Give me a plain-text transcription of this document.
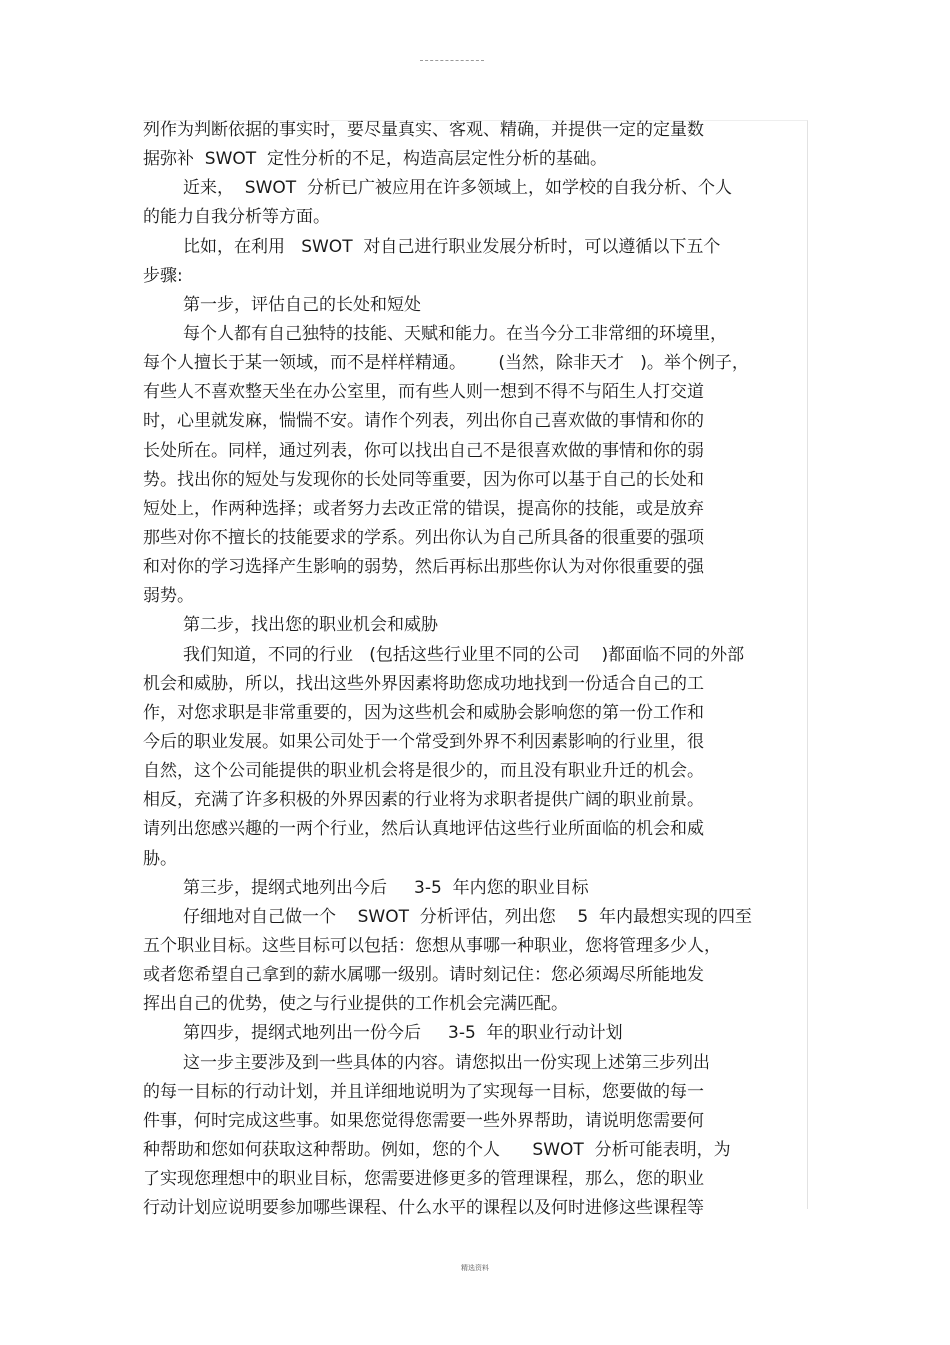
列作为判断依据的事实时，要尽量真实、客观、精确，并提供一定的定量数
据弥补  SWOT  定性分析的不足，构造高层定性分析的基础。
近来，  SWOT  分析已广被应用在许多领域上，如学校的自我分析、个人
的能力自我分析等方面。
比如，在利用   SWOT  对自己进行职业发展分析时，可以遵循以下五个
步骤:
第一步，评估自己的长处和短处
每个人都有自己独特的技能、天赋和能力。在当今分工非常细的环境里，
每个人擅长于某一领域，而不是样样精通。      (当然，除非天才   )。举个例子，
有些人不喜欢整天坐在办公室里，而有些人则一想到不得不与陌生人打交道
时，心里就发麻，惴惴不安。请作个列表，列出你自己喜欢做的事情和你的
长处所在。同样，通过列表，你可以找出自己不是很喜欢做的事情和你的弱
势。找出你的短处与发现你的长处同等重要，因为你可以基于自己的长处和
短处上，作两种选择；或者努力去改正常的错误，提高你的技能，或是放弃
那些对你不擅长的技能要求的学系。列出你认为自己所具备的很重要的强项
和对你的学习选择产生影响的弱势，然后再标出那些你认为对你很重要的强
弱势。
第二步，找出您的职业机会和威胁
我们知道，不同的行业   (包括这些行业里不同的公司    )都面临不同的外部
机会和威胁，所以，找出这些外界因素将助您成功地找到一份适合自己的工
作，对您求职是非常重要的，因为这些机会和威胁会影响您的第一份工作和
今后的职业发展。如果公司处于一个常受到外界不利因素影响的行业里，很
自然，这个公司能提供的职业机会将是很少的，而且没有职业升迁的机会。
相反，充满了许多积极的外界因素的行业将为求职者提供广阔的职业前景。
请列出您感兴趣的一两个行业，然后认真地评估这些行业所面临的机会和威
胁。
第三步，提纲式地列出今后     3-5  年内您的职业目标
仔细地对自己做一个    SWOT  分析评估，列出您    5  年内最想实现的四至
五个职业目标。这些目标可以包括：您想从事哪一种职业，您将管理多少人，
或者您希望自己拿到的薪水属哪一级别。请时刻记住：您必须竭尽所能地发
挥出自己的优势，使之与行业提供的工作机会完满匹配。
第四步，提纲式地列出一份今后     3-5  年的职业行动计划
这一步主要涉及到一些具体的内容。请您拟出一份实现上述第三步列出
的每一目标的行动计划，并且详细地说明为了实现每一目标，您要做的每一
件事，何时完成这些事。如果您觉得您需要一些外界帮助，请说明您需要何
种帮助和您如何获取这种帮助。例如，您的个人      SWOT  分析可能表明，为
了实现您理想中的职业目标，您需要进修更多的管理课程，那么，您的职业
行动计划应说明要参加哪些课程、什么水平的课程以及何时进修这些课程等
精选资料
